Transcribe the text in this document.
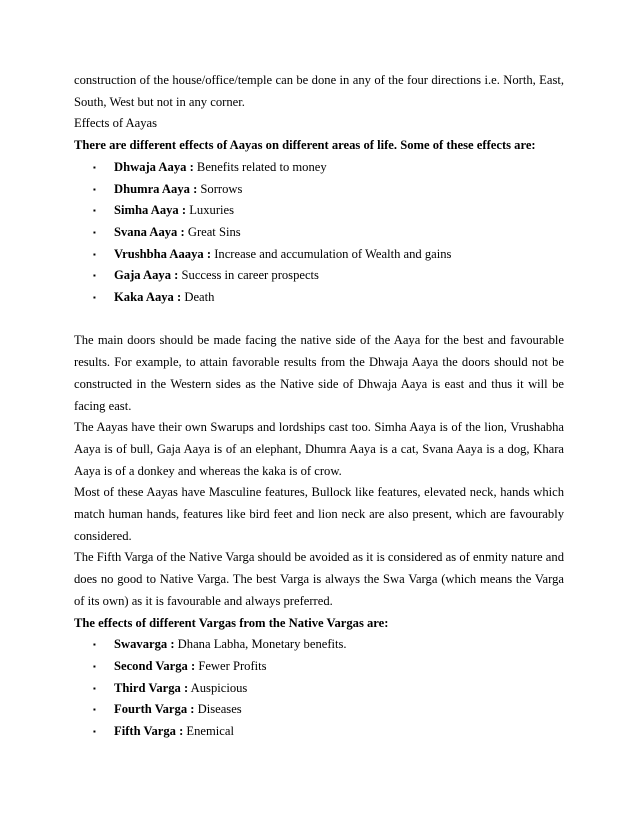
construction of the house/office/temple can be done in any of the four directions i.e. North, East, South, West but not in any corner.

Effects of Aayas

There are different effects of Aayas on different areas of life. Some of these effects are:

▪ Dhwaja Aaya : Benefits related to money
▪ Dhumra Aaya : Sorrows
▪ Simha Aaya : Luxuries
▪ Svana Aaya : Great Sins
▪ Vrushbha Aaaya : Increase and accumulation of Wealth and gains
▪ Gaja Aaya : Success in career prospects
▪ Kaka Aaya : Death

The main doors should be made facing the native side of the Aaya for the best and favourable results. For example, to attain favorable results from the Dhwaja Aaya the doors should not be constructed in the Western sides as the Native side of Dhwaja Aaya is east and thus it will be facing east.

The Aayas have their own Swarups and lordships cast too. Simha Aaya is of the lion, Vrushabha Aaya is of bull, Gaja Aaya is of an elephant, Dhumra Aaya is a cat, Svana Aaya is a dog, Khara Aaya is of a donkey and whereas the kaka is of crow.

Most of these Aayas have Masculine features, Bullock like features, elevated neck, hands which match human hands, features like bird feet and lion neck are also present, which are favourably considered.

The Fifth Varga of the Native Varga should be avoided as it is considered as of enmity nature and does no good to Native Varga. The best Varga is always the Swa Varga (which means the Varga of its own) as it is favourable and always preferred.

The effects of different Vargas from the Native Vargas are:

▪ Swavarga : Dhana Labha, Monetary benefits.
▪ Second Varga : Fewer Profits
▪ Third Varga : Auspicious
▪ Fourth Varga : Diseases
▪ Fifth Varga : Enemical
